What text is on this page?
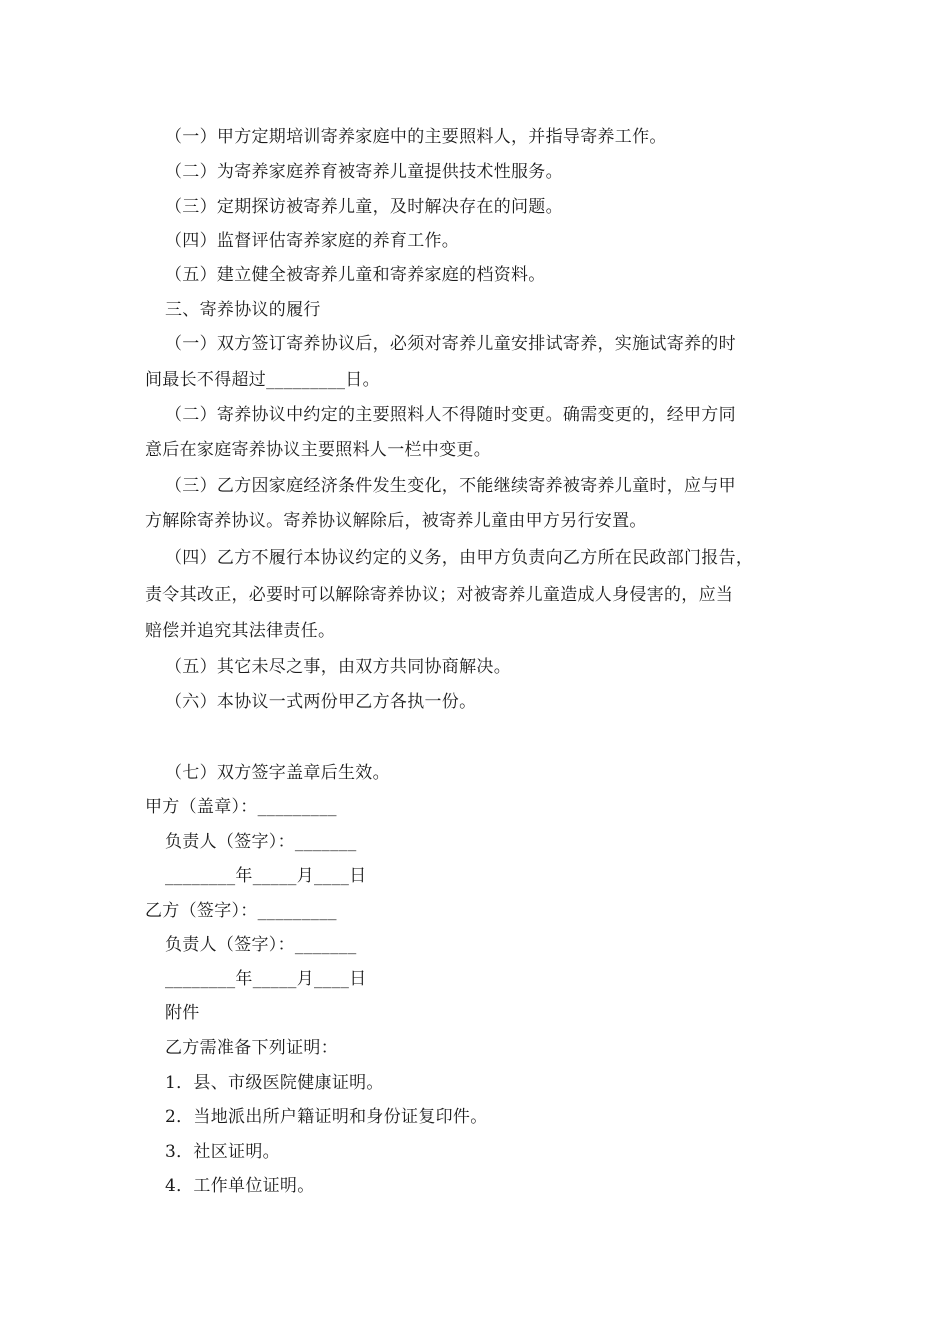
（一）甲方定期培训寄养家庭中的主要照料人，并指导寄养工作。
（二）为寄养家庭养育被寄养儿童提供技术性服务。
（三）定期探访被寄养儿童，及时解决存在的问题。
（四）监督评估寄养家庭的养育工作。
（五）建立健全被寄养儿童和寄养家庭的档资料。
三、寄养协议的履行
（一）双方签订寄养协议后，必须对寄养儿童安排试寄养，实施试寄养的时
间最长不得超过_________日。
（二）寄养协议中约定的主要照料人不得随时变更。确需变更的，经甲方同
意后在家庭寄养协议主要照料人一栏中变更。
（三）乙方因家庭经济条件发生变化，不能继续寄养被寄养儿童时，应与甲
方解除寄养协议。寄养协议解除后，被寄养儿童由甲方另行安置。
（四）乙方不履行本协议约定的义务，由甲方负责向乙方所在民政部门报告，
责令其改正，必要时可以解除寄养协议；对被寄养儿童造成人身侵害的，应当
赔偿并追究其法律责任。
（五）其它未尽之事，由双方共同协商解决。
（六）本协议一式两份甲乙方各执一份。
（七）双方签字盖章后生效。
甲方（盖章）：_________
负责人（签字）：_______
________年_____月____日
乙方（签字）：_________
负责人（签字）：_______
________年_____月____日
附件
乙方需准备下列证明：
1．县、市级医院健康证明。
2．当地派出所户籍证明和身份证复印件。
3．社区证明。
4．工作单位证明。
